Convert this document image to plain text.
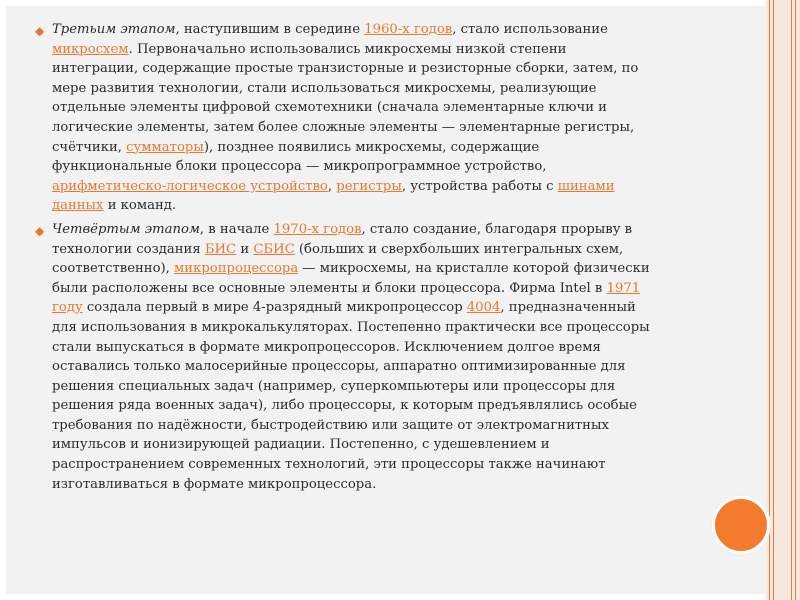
◆ Третьим этапом, наступившим в середине 1960-х годов, стало использование микросхем. Первоначально использовались микросхемы низкой степени интеграции, содержащие простые транзисторные и резисторные сборки, затем, по мере развития технологии, стали использоваться микросхемы, реализующие отдельные элементы цифровой схемотехники (сначала элементарные ключи и логические элементы, затем более сложные элементы — элементарные регистры, счётчики, сумматоры), позднее появились микросхемы, содержащие функциональные блоки процессора — микропрограммное устройство, арифметическо-логическое устройство, регистры, устройства работы с шинами данных и команд.

◆ Четвёртым этапом, в начале 1970-х годов, стало создание, благодаря прорыву в технологии создания БИС и СБИС (больших и сверхбольших интегральных схем, соответственно), микропроцессора — микросхемы, на кристалле которой физически были расположены все основные элементы и блоки процессора. Фирма Intel в 1971 году создала первый в мире 4-разрядный микропроцессор 4004, предназначенный для использования в микрокалькуляторах. Постепенно практически все процессоры стали выпускаться в формате микропроцессоров. Исключением долгое время оставались только малосерийные процессоры, аппаратно оптимизированные для решения специальных задач (например, суперкомпьютеры или процессоры для решения ряда военных задач), либо процессоры, к которым предъявлялись особые требования по надёжности, быстродействию или защите от электромагнитных импульсов и ионизирующей радиации. Постепенно, с удешевлением и распространением современных технологий, эти процессоры также начинают изготавливаться в формате микропроцессора.
